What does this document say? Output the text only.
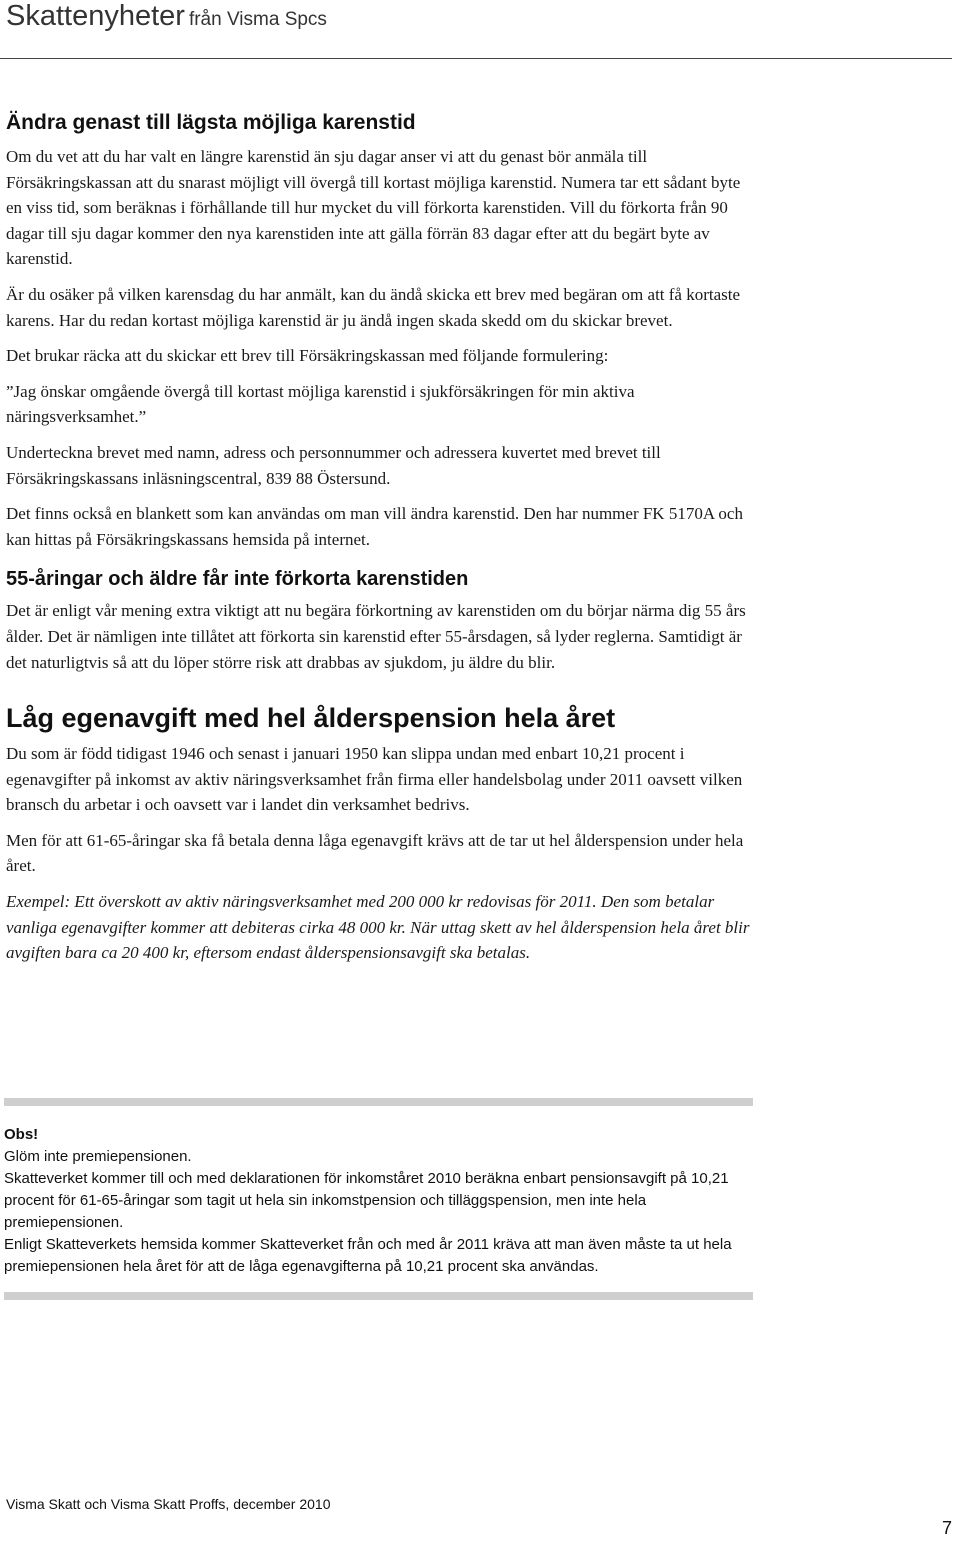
Skattenyheter från Visma Spcs
Ändra genast till lägsta möjliga karenstid

Om du vet att du har valt en längre karenstid än sju dagar anser vi att du genast bör anmäla till Försäkringskassan att du snarast möjligt vill övergå till kortast möjliga karenstid. Numera tar ett sådant byte en viss tid, som beräknas i förhållande till hur mycket du vill förkorta karenstiden. Vill du förkorta från 90 dagar till sju dagar kommer den nya karenstiden inte att gälla förrän 83 dagar efter att du begärt byte av karenstid.

Är du osäker på vilken karensdag du har anmält, kan du ändå skicka ett brev med begäran om att få kortaste karens. Har du redan kortast möjliga karenstid är ju ändå ingen skada skedd om du skickar brevet.

Det brukar räcka att du skickar ett brev till Försäkringskassan med följande formulering:

”Jag önskar omgående övergå till kortast möjliga karenstid i sjukförsäkringen för min aktiva näringsverksamhet.”

Underteckna brevet med namn, adress och personnummer och adressera kuvertet med brevet till Försäkringskassans inläsningscentral, 839 88 Östersund.

Det finns också en blankett som kan användas om man vill ändra karenstid. Den har nummer FK 5170A och kan hittas på Försäkringskassans hemsida på internet.

55-åringar och äldre får inte förkorta karenstiden

Det är enligt vår mening extra viktigt att nu begära förkortning av karenstiden om du börjar närma dig 55 års ålder. Det är nämligen inte tillåtet att förkorta sin karenstid efter 55-årsdagen, så lyder reglerna. Samtidigt är det naturligtvis så att du löper större risk att drabbas av sjukdom, ju äldre du blir.

Låg egenavgift med hel ålderspension hela året

Du som är född tidigast 1946 och senast i januari 1950 kan slippa undan med enbart 10,21 procent i egenavgifter på inkomst av aktiv näringsverksamhet från firma eller handelsbolag under 2011 oavsett vilken bransch du arbetar i och oavsett var i landet din verksamhet bedrivs.

Men för att 61-65-åringar ska få betala denna låga egenavgift krävs att de tar ut hel ålderspension under hela året.

Exempel: Ett överskott av aktiv näringsverksamhet med 200 000 kr redovisas för 2011. Den som betalar vanliga egenavgifter kommer att debiteras cirka 48 000 kr. När uttag skett av hel ålderspension hela året blir avgiften bara ca 20 400 kr, eftersom endast ålderspensionsavgift ska betalas.

Obs!
Glöm inte premiepensionen.
Skatteverket kommer till och med deklarationen för inkomståret 2010 beräkna enbart pensionsavgift på 10,21 procent för 61-65-åringar som tagit ut hela sin inkomstpension och tilläggspension, men inte hela premiepensionen.
Enligt Skatteverkets hemsida kommer Skatteverket från och med år 2011 kräva att man även måste ta ut hela premiepensionen hela året för att de låga egenavgifterna på 10,21 procent ska användas.
Visma Skatt och Visma Skatt Proffs, december 2010
7
